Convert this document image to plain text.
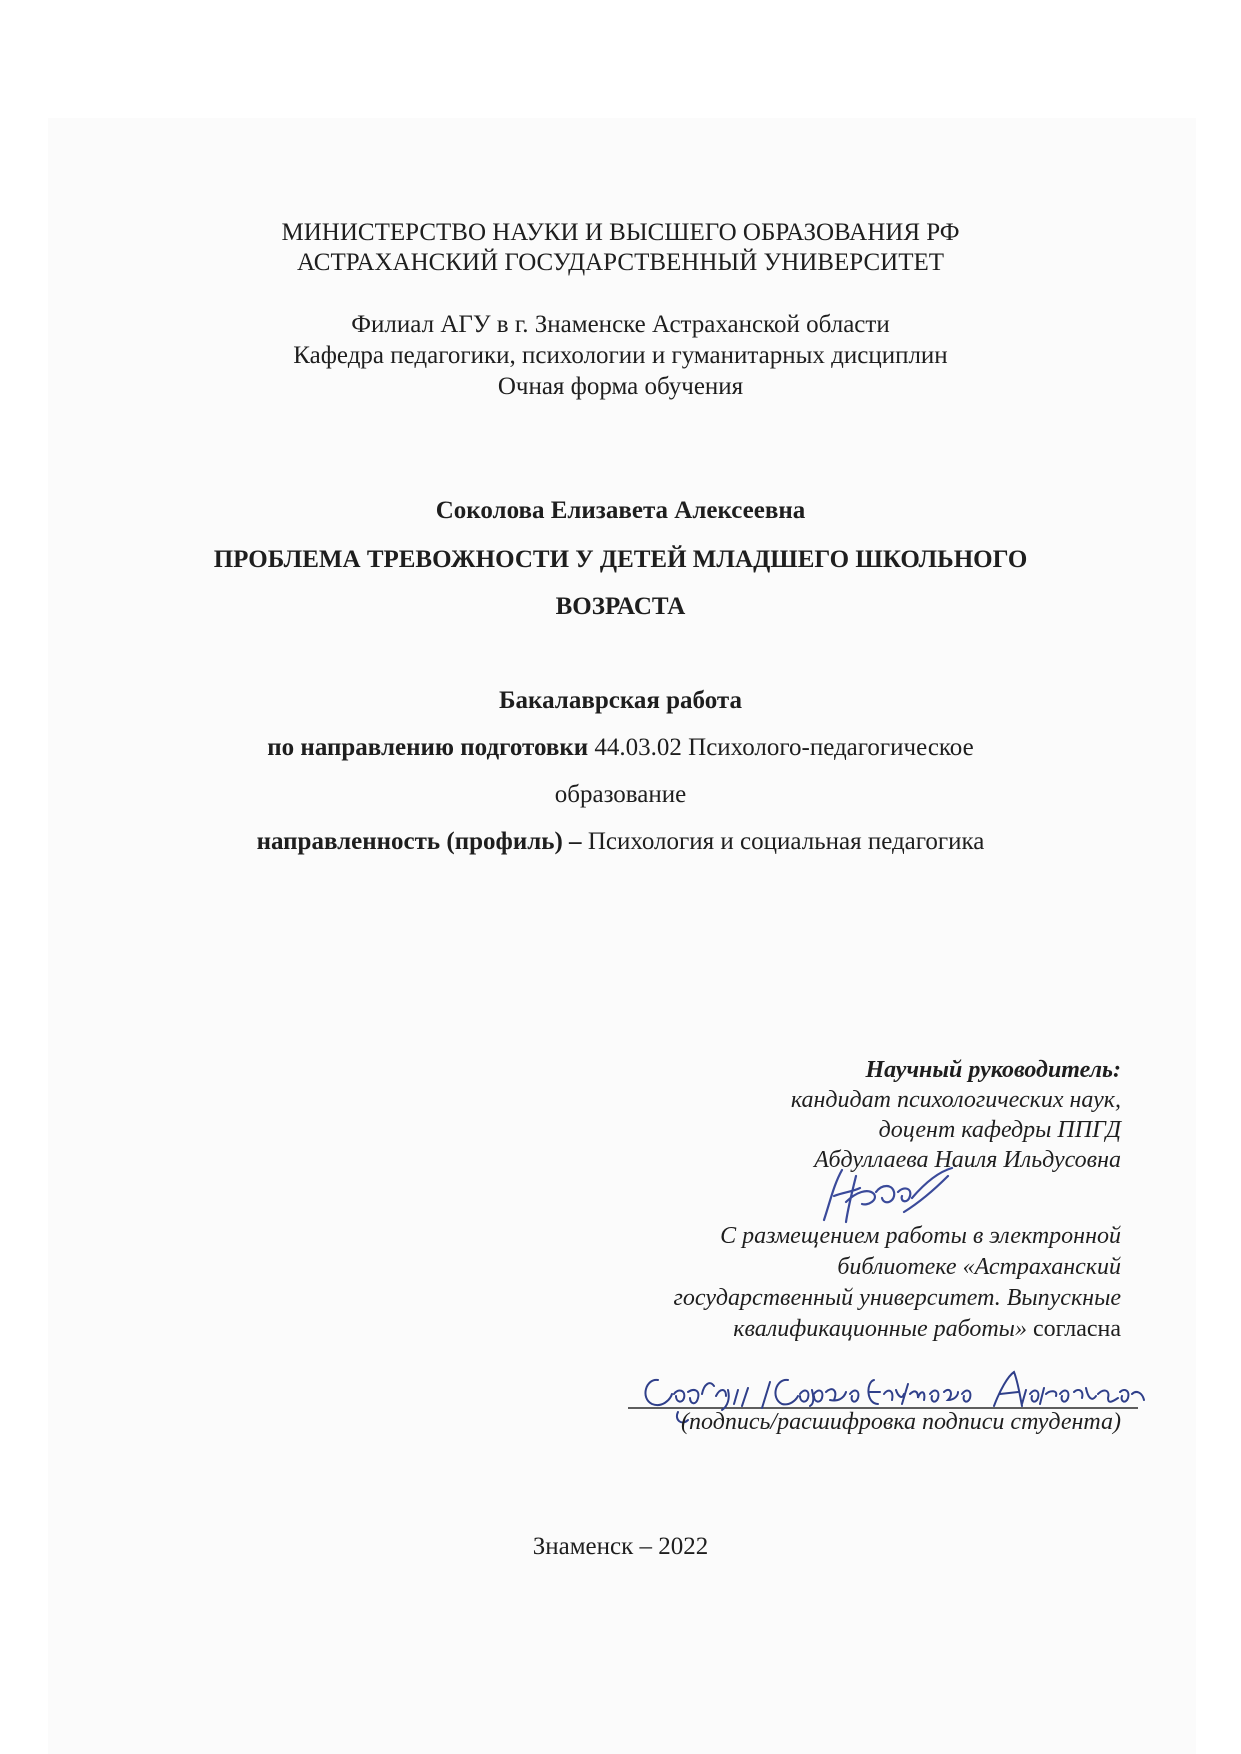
МИНИСТЕРСТВО НАУКИ И ВЫСШЕГО ОБРАЗОВАНИЯ РФ
АСТРАХАНСКИЙ ГОСУДАРСТВЕННЫЙ УНИВЕРСИТЕТ
Филиал АГУ в г. Знаменске Астраханской области
Кафедра педагогики, психологии и гуманитарных дисциплин
Очная форма обучения
Соколова Елизавета Алексеевна
ПРОБЛЕМА ТРЕВОЖНОСТИ У ДЕТЕЙ МЛАДШЕГО ШКОЛЬНОГО
ВОЗРАСТА
Бакалаврская работа
по направлению подготовки 44.03.02 Психолого-педагогическое
образование
направленность (профиль) – Психология и социальная педагогика
Научный руководитель:
кандидат психологических наук,
доцент кафедры ППГД
Абдуллаева Наиля Ильдусовна
С размещением работы в электронной
библиотеке «Астраханский
государственный университет. Выпускные
квалификационные работы» согласна
(подпись/расшифровка подписи студента)
Знаменск – 2022
